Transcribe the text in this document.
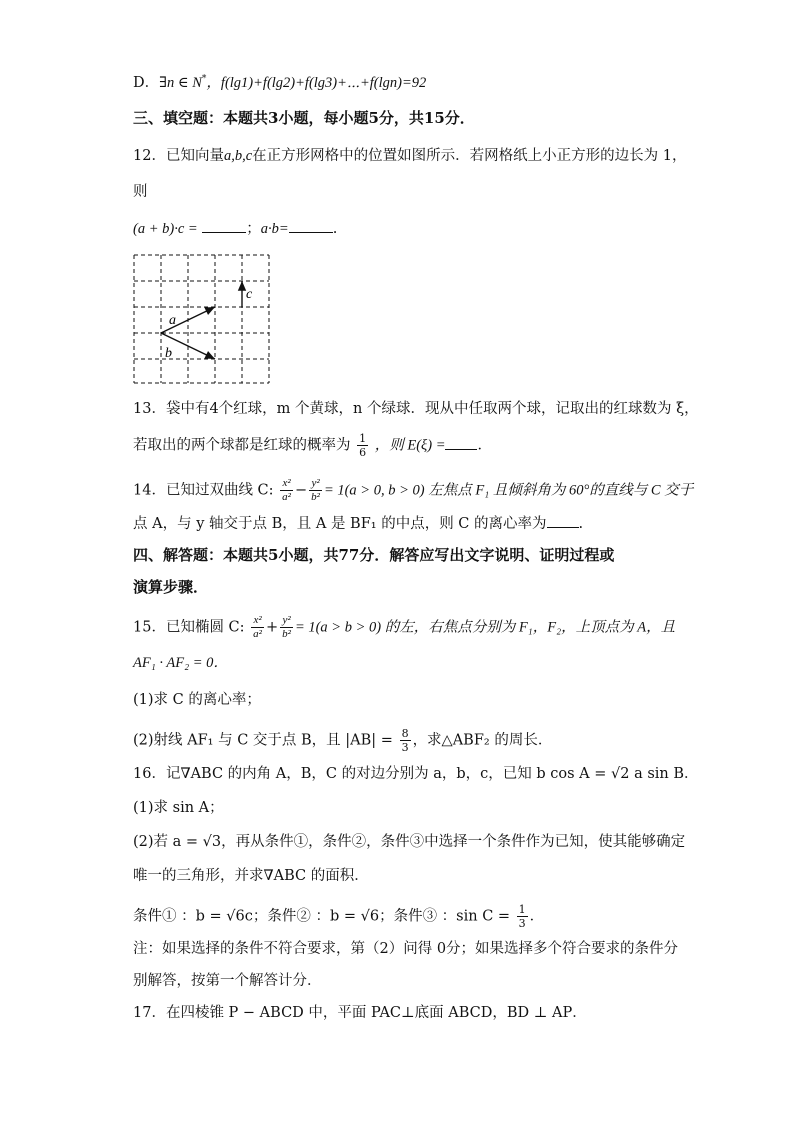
D．∃n ∈ N*，f(lg1)+f(lg2)+f(lg3)+⋯+f(lgn)=92
三、填空题：本题共3小题，每小题5分，共15分．
12．已知向量a,b,c在正方形网格中的位置如图所示．若网格纸上小正方形的边长为 1，
则
(a + b)·c =	；a·b=	.
a
b
c
13．袋中有4个红球，m 个黄球，n 个绿球．现从中任取两个球，记取出的红球数为 ξ，
若取出的两个球都是红球的概率为 $\frac{1}{6}$ ，则 E(ξ) = ．
14．已知过双曲线 C: $\frac{\text{x²}}{\text{a²}} - \frac{\text{y²}}{\text{b²}} = 1(a > 0$, b > 0) 左焦点 F₁ 且倾斜角为 60°的直线与 C 交于
点 A，与 y 轴交于点 B，且 A 是 BF₁ 的中点，则 C 的离心率为 .
四、解答题：本题共5小题，共77分．解答应写出文字说明、证明过程或
演算步骤．
15．已知椭圆 C: $\frac{\text{x²}}{\text{a²}} + \frac{\text{y²}}{\text{b²}} = 1(a > b > 0)$ 的左，右焦点分别为 F₁，F₂，上顶点为 A，且
AF₁ · AF₂ = 0．
(1)求 C 的离心率；
(2)射线 AF₁ 与 C 交于点 B，且 $|AB| = \frac{8}{3}$ ，求△ABF₂ 的周长．
16．记∇ABC 的内角 A，B，C 的对边分别为 a，b，c，已知 b cos A = √2 a sin B．
(1)求 sin A；
(2)若 a = √3，再从条件①，条件②，条件③中选择一个条件作为已知，使其能够确定
唯一的三角形，并求∇ABC 的面积．
条件① ：b = √6c；条件② ：b = √6；条件③ ：$\sin C = \frac{1}{3}$ ．
注：如果选择的条件不符合要求，第（2）问得 0分；如果选择多个符合要求的条件分
别解答，按第一个解答计分．
17．在四棱锥 P − ABCD 中，平面 PAC⊥底面 ABCD，BD ⊥ AP．
